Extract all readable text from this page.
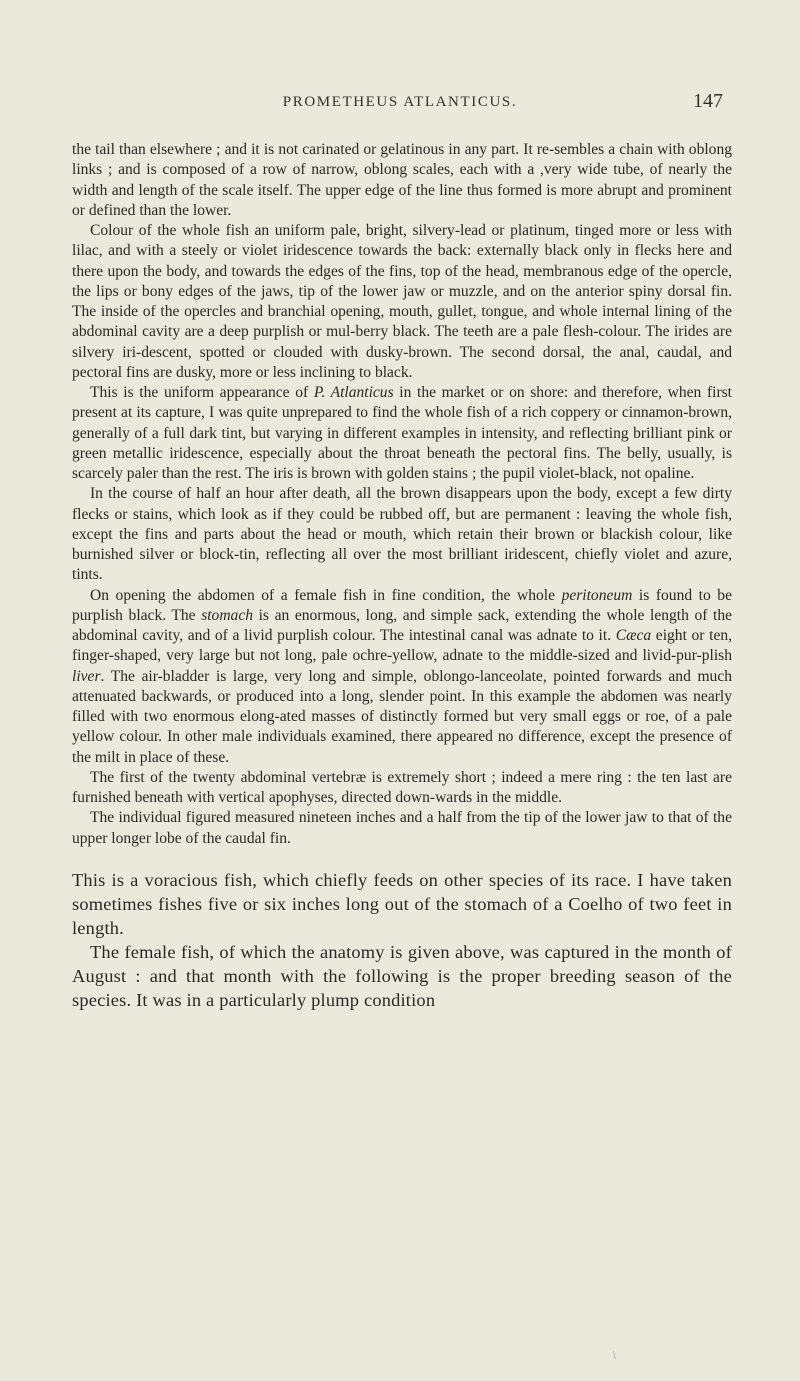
PROMETHEUS ATLANTICUS.	147

the tail than elsewhere ; and it is not carinated or gelatinous in any part. It re-sembles a chain with oblong links ; and is composed of a row of narrow, oblong scales, each with a ,very wide tube, of nearly the width and length of the scale itself. The upper edge of the line thus formed is more abrupt and prominent or defined than the lower.

Colour of the whole fish an uniform pale, bright, silvery-lead or platinum, tinged more or less with lilac, and with a steely or violet iridescence towards the back: externally black only in flecks here and there upon the body, and towards the edges of the fins, top of the head, membranous edge of the opercle, the lips or bony edges of the jaws, tip of the lower jaw or muzzle, and on the anterior spiny dorsal fin. The inside of the opercles and branchial opening, mouth, gullet, tongue, and whole internal lining of the abdominal cavity are a deep purplish or mul-berry black. The teeth are a pale flesh-colour. The irides are silvery iri-descent, spotted or clouded with dusky-brown. The second dorsal, the anal, caudal, and pectoral fins are dusky, more or less inclining to black.

This is the uniform appearance of P. Atlanticus in the market or on shore: and therefore, when first present at its capture, I was quite unprepared to find the whole fish of a rich coppery or cinnamon-brown, generally of a full dark tint, but varying in different examples in intensity, and reflecting brilliant pink or green metallic iridescence, especially about the throat beneath the pectoral fins. The belly, usually, is scarcely paler than the rest. The iris is brown with golden stains ; the pupil violet-black, not opaline.

In the course of half an hour after death, all the brown disappears upon the body, except a few dirty flecks or stains, which look as if they could be rubbed off, but are permanent : leaving the whole fish, except the fins and parts about the head or mouth, which retain their brown or blackish colour, like burnished silver or block-tin, reflecting all over the most brilliant iridescent, chiefly violet and azure, tints.

On opening the abdomen of a female fish in fine condition, the whole peritoneum is found to be purplish black. The stomach is an enormous, long, and simple sack, extending the whole length of the abdominal cavity, and of a livid purplish colour. The intestinal canal was adnate to it. Cæca eight or ten, finger-shaped, very large but not long, pale ochre-yellow, adnate to the middle-sized and livid-pur-plish liver. The air-bladder is large, very long and simple, oblongo-lanceolate, pointed forwards and much attenuated backwards, or produced into a long, slender point. In this example the abdomen was nearly filled with two enormous elong-ated masses of distinctly formed but very small eggs or roe, of a pale yellow colour. In other male individuals examined, there appeared no difference, except the presence of the milt in place of these.

The first of the twenty abdominal vertebræ is extremely short ; indeed a mere ring : the ten last are furnished beneath with vertical apophyses, directed down-wards in the middle.

The individual figured measured nineteen inches and a half from the tip of the lower jaw to that of the upper longer lobe of the caudal fin.

This is a voracious fish, which chiefly feeds on other species of its race. I have taken sometimes fishes five or six inches long out of the stomach of a Coelho of two feet in length.

The female fish, of which the anatomy is given above, was captured in the month of August : and that month with the following is the proper breeding season of the species. It was in a particularly plump condition

/
